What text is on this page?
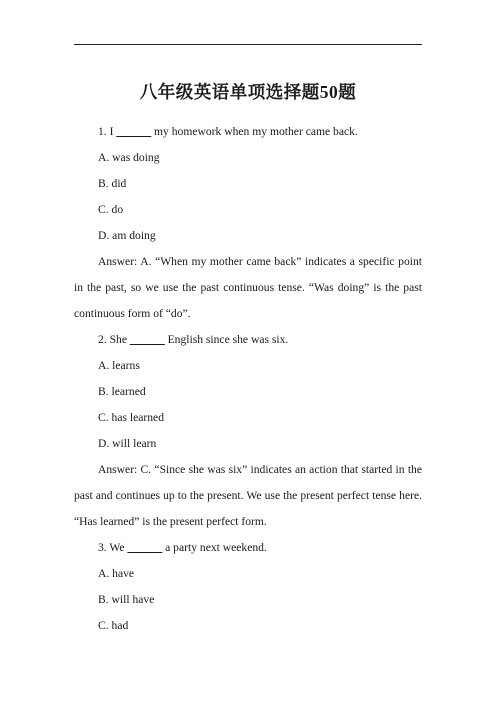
八年级英语单项选择题50题
1. I ______ my homework when my mother came back.
A. was doing
B. did
C. do
D. am doing
Answer: A. “When my mother came back” indicates a specific point in the past, so we use the past continuous tense. “Was doing” is the past continuous form of “do”.
2. She ______ English since she was six.
A. learns
B. learned
C. has learned
D. will learn
Answer: C. “Since she was six” indicates an action that started in the past and continues up to the present. We use the present perfect tense here. “Has learned” is the present perfect form.
3. We ______ a party next weekend.
A. have
B. will have
C. had
